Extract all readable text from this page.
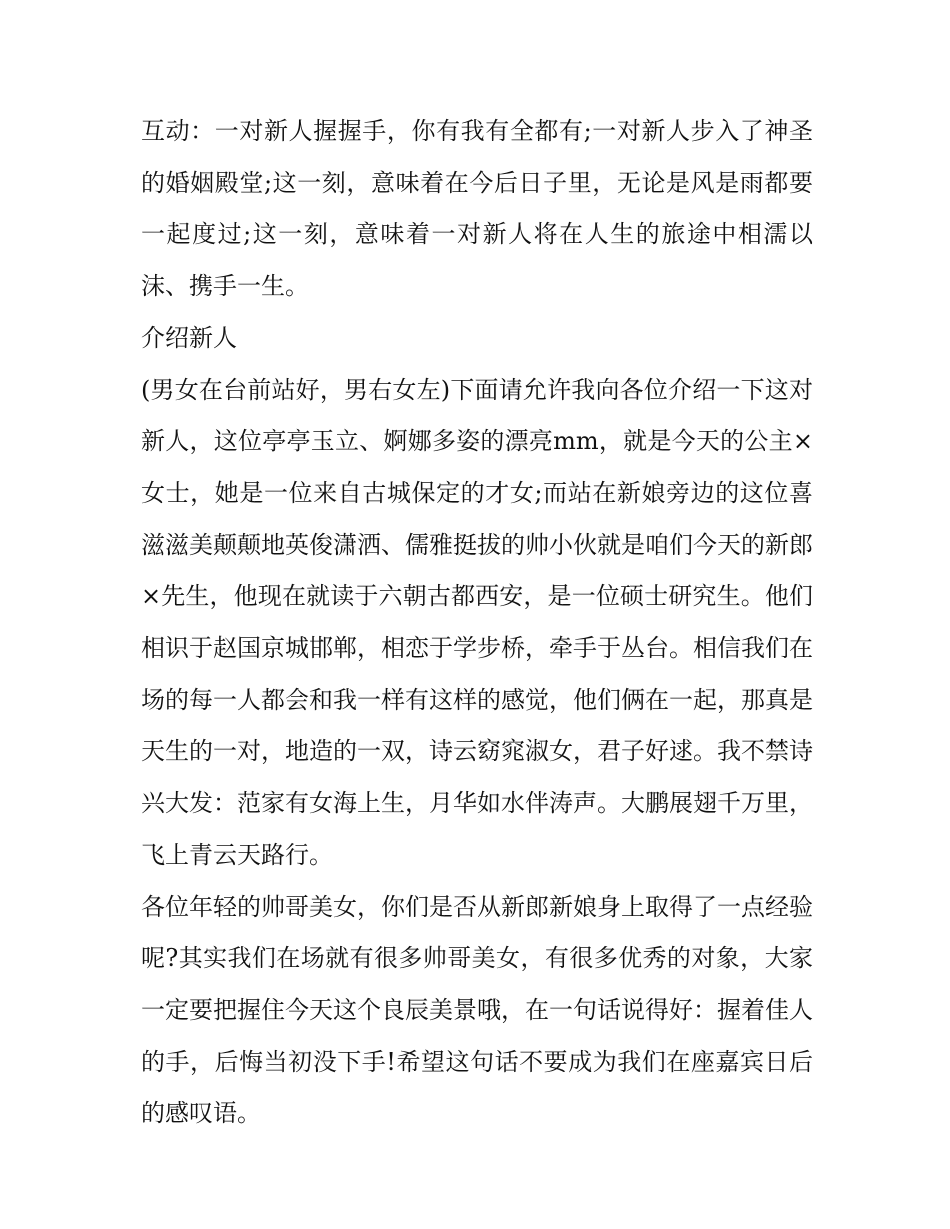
互动：一对新人握握手，你有我有全都有;一对新人步入了神圣的婚姻殿堂;这一刻，意味着在今后日子里，无论是风是雨都要一起度过;这一刻，意味着一对新人将在人生的旅途中相濡以沫、携手一生。

介绍新人

(男女在台前站好，男右女左)下面请允许我向各位介绍一下这对新人，这位亭亭玉立、婀娜多姿的漂亮mm，就是今天的公主×女士，她是一位来自古城保定的才女;而站在新娘旁边的这位喜滋滋美颠颠地英俊潇洒、儒雅挺拔的帅小伙就是咱们今天的新郎×先生，他现在就读于六朝古都西安，是一位硕士研究生。他们相识于赵国京城邯郸，相恋于学步桥，牵手于丛台。相信我们在场的每一人都会和我一样有这样的感觉，他们俩在一起，那真是天生的一对，地造的一双，诗云窈窕淑女，君子好逑。我不禁诗兴大发：范家有女海上生，月华如水伴涛声。大鹏展翅千万里，飞上青云天路行。

各位年轻的帅哥美女，你们是否从新郎新娘身上取得了一点经验呢?其实我们在场就有很多帅哥美女，有很多优秀的对象，大家一定要把握住今天这个良辰美景哦，在一句话说得好：握着佳人的手，后悔当初没下手!希望这句话不要成为我们在座嘉宾日后的感叹语。
